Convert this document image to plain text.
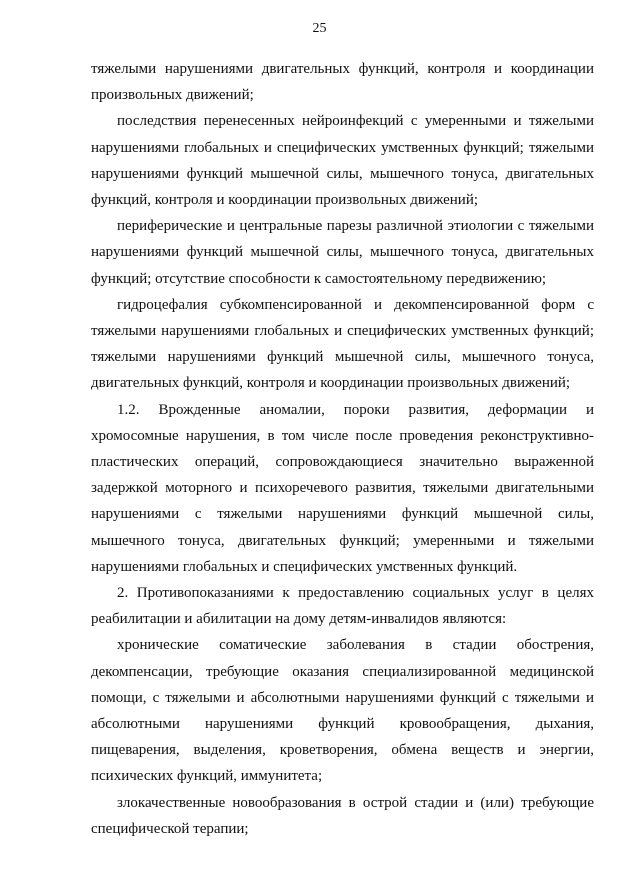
25

тяжелыми нарушениями двигательных функций, контроля и координации произвольных движений;

последствия перенесенных нейроинфекций с умеренными и тяжелыми нарушениями глобальных и специфических умственных функций; тяжелыми нарушениями функций мышечной силы, мышечного тонуса, двигательных функций, контроля и координации произвольных движений;

периферические и центральные парезы различной этиологии с тяжелыми нарушениями функций мышечной силы, мышечного тонуса, двигательных функций; отсутствие способности к самостоятельному передвижению;

гидроцефалия субкомпенсированной и декомпенсированной форм с тяжелыми нарушениями глобальных и специфических умственных функций; тяжелыми нарушениями функций мышечной силы, мышечного тонуса, двигательных функций, контроля и координации произвольных движений;

1.2. Врожденные аномалии, пороки развития, деформации и хромосомные нарушения, в том числе после проведения реконструктивно-пластических операций, сопровождающиеся значительно выраженной задержкой моторного и психоречевого развития, тяжелыми двигательными нарушениями с тяжелыми нарушениями функций мышечной силы, мышечного тонуса, двигательных функций; умеренными и тяжелыми нарушениями глобальных и специфических умственных функций.

2. Противопоказаниями к предоставлению социальных услуг в целях реабилитации и абилитации на дому детям-инвалидов являются:

хронические соматические заболевания в стадии обострения, декомпенсации, требующие оказания специализированной медицинской помощи, с тяжелыми и абсолютными нарушениями функций с тяжелыми и абсолютными нарушениями функций кровообращения, дыхания, пищеварения, выделения, кроветворения, обмена веществ и энергии, психических функций, иммунитета;

злокачественные новообразования в острой стадии и (или) требующие специфической терапии;
